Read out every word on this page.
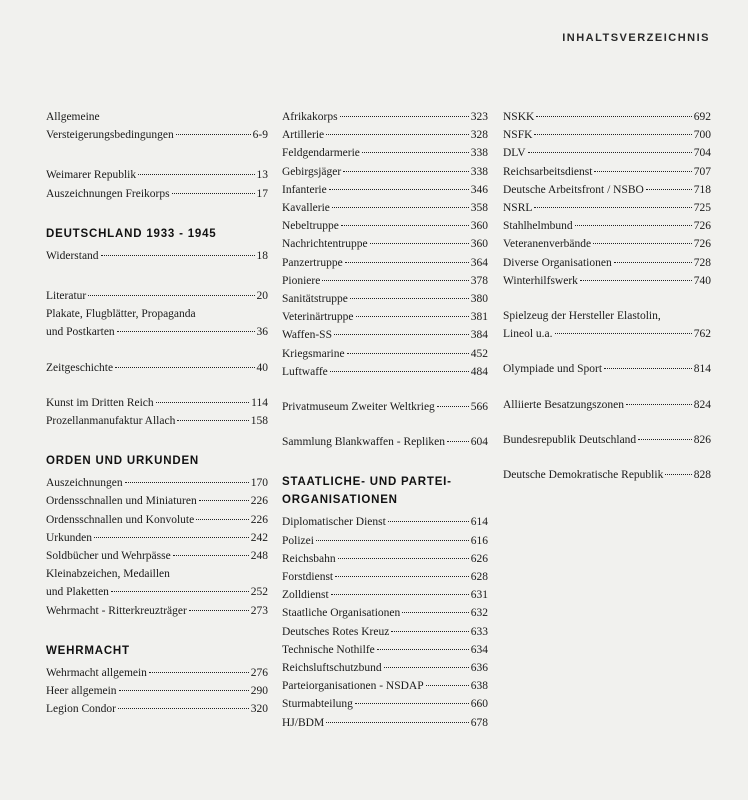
INHALTSVERZEICHNIS
Allgemeine
Versteigerungsbedingungen	6-9
Weimarer Republik	13
Auszeichnungen Freikorps	17
DEUTSCHLAND 1933 - 1945
Widerstand	18
Literatur	20
Plakate, Flugblätter, Propaganda
und Postkarten	36
Zeitgeschichte	40
Kunst im Dritten Reich	114
Prozellanmanufaktur Allach	158
ORDEN UND URKUNDEN
Auszeichnungen	170
Ordensschnallen und Miniaturen	226
Ordensschnallen und Konvolute	226
Urkunden	242
Soldbücher und Wehrpässe	248
Kleinabzeichen, Medaillen
und Plaketten	252
Wehrmacht - Ritterkreuzträger	273
WEHRMACHT
Wehrmacht allgemein	276
Heer allgemein	290
Legion Condor	320
Afrikakorps	323
Artillerie	328
Feldgendarmerie	338
Gebirgsjäger	338
Infanterie	346
Kavallerie	358
Nebeltruppe	360
Nachrichtentruppe	360
Panzertruppe	364
Pioniere	378
Sanitätstruppe	380
Veterinärtruppe	381
Waffen-SS	384
Kriegsmarine	452
Luftwaffe	484
Privatmuseum Zweiter Weltkrieg	566
Sammlung Blankwaffen - Repliken 604
STAATLICHE- UND PARTEI-
ORGANISATIONEN
Diplomatischer Dienst	614
Polizei	616
Reichsbahn	626
Forstdienst	628
Zolldienst	631
Staatliche Organisationen	632
Deutsches Rotes Kreuz	633
Technische Nothilfe	634
Reichsluftschutzbund	636
Parteiorganisationen - NSDAP	638
Sturmabteilung	660
HJ/BDM	678
NSKK	692
NSFK	700
DLV	704
Reichsarbeitsdienst	707
Deutsche Arbeitsfront / NSBO	718
NSRL	725
Stahlhelmbund	726
Veteranenverbände	726
Diverse Organisationen	728
Winterhilfswerk	740
Spielzeug der Hersteller Elastolin,
Lineol u.a.	762
Olympiade und Sport	814
Alliierte Besatzungszonen	824
Bundesrepublik Deutschland	826
Deutsche Demokratische Republik	828
